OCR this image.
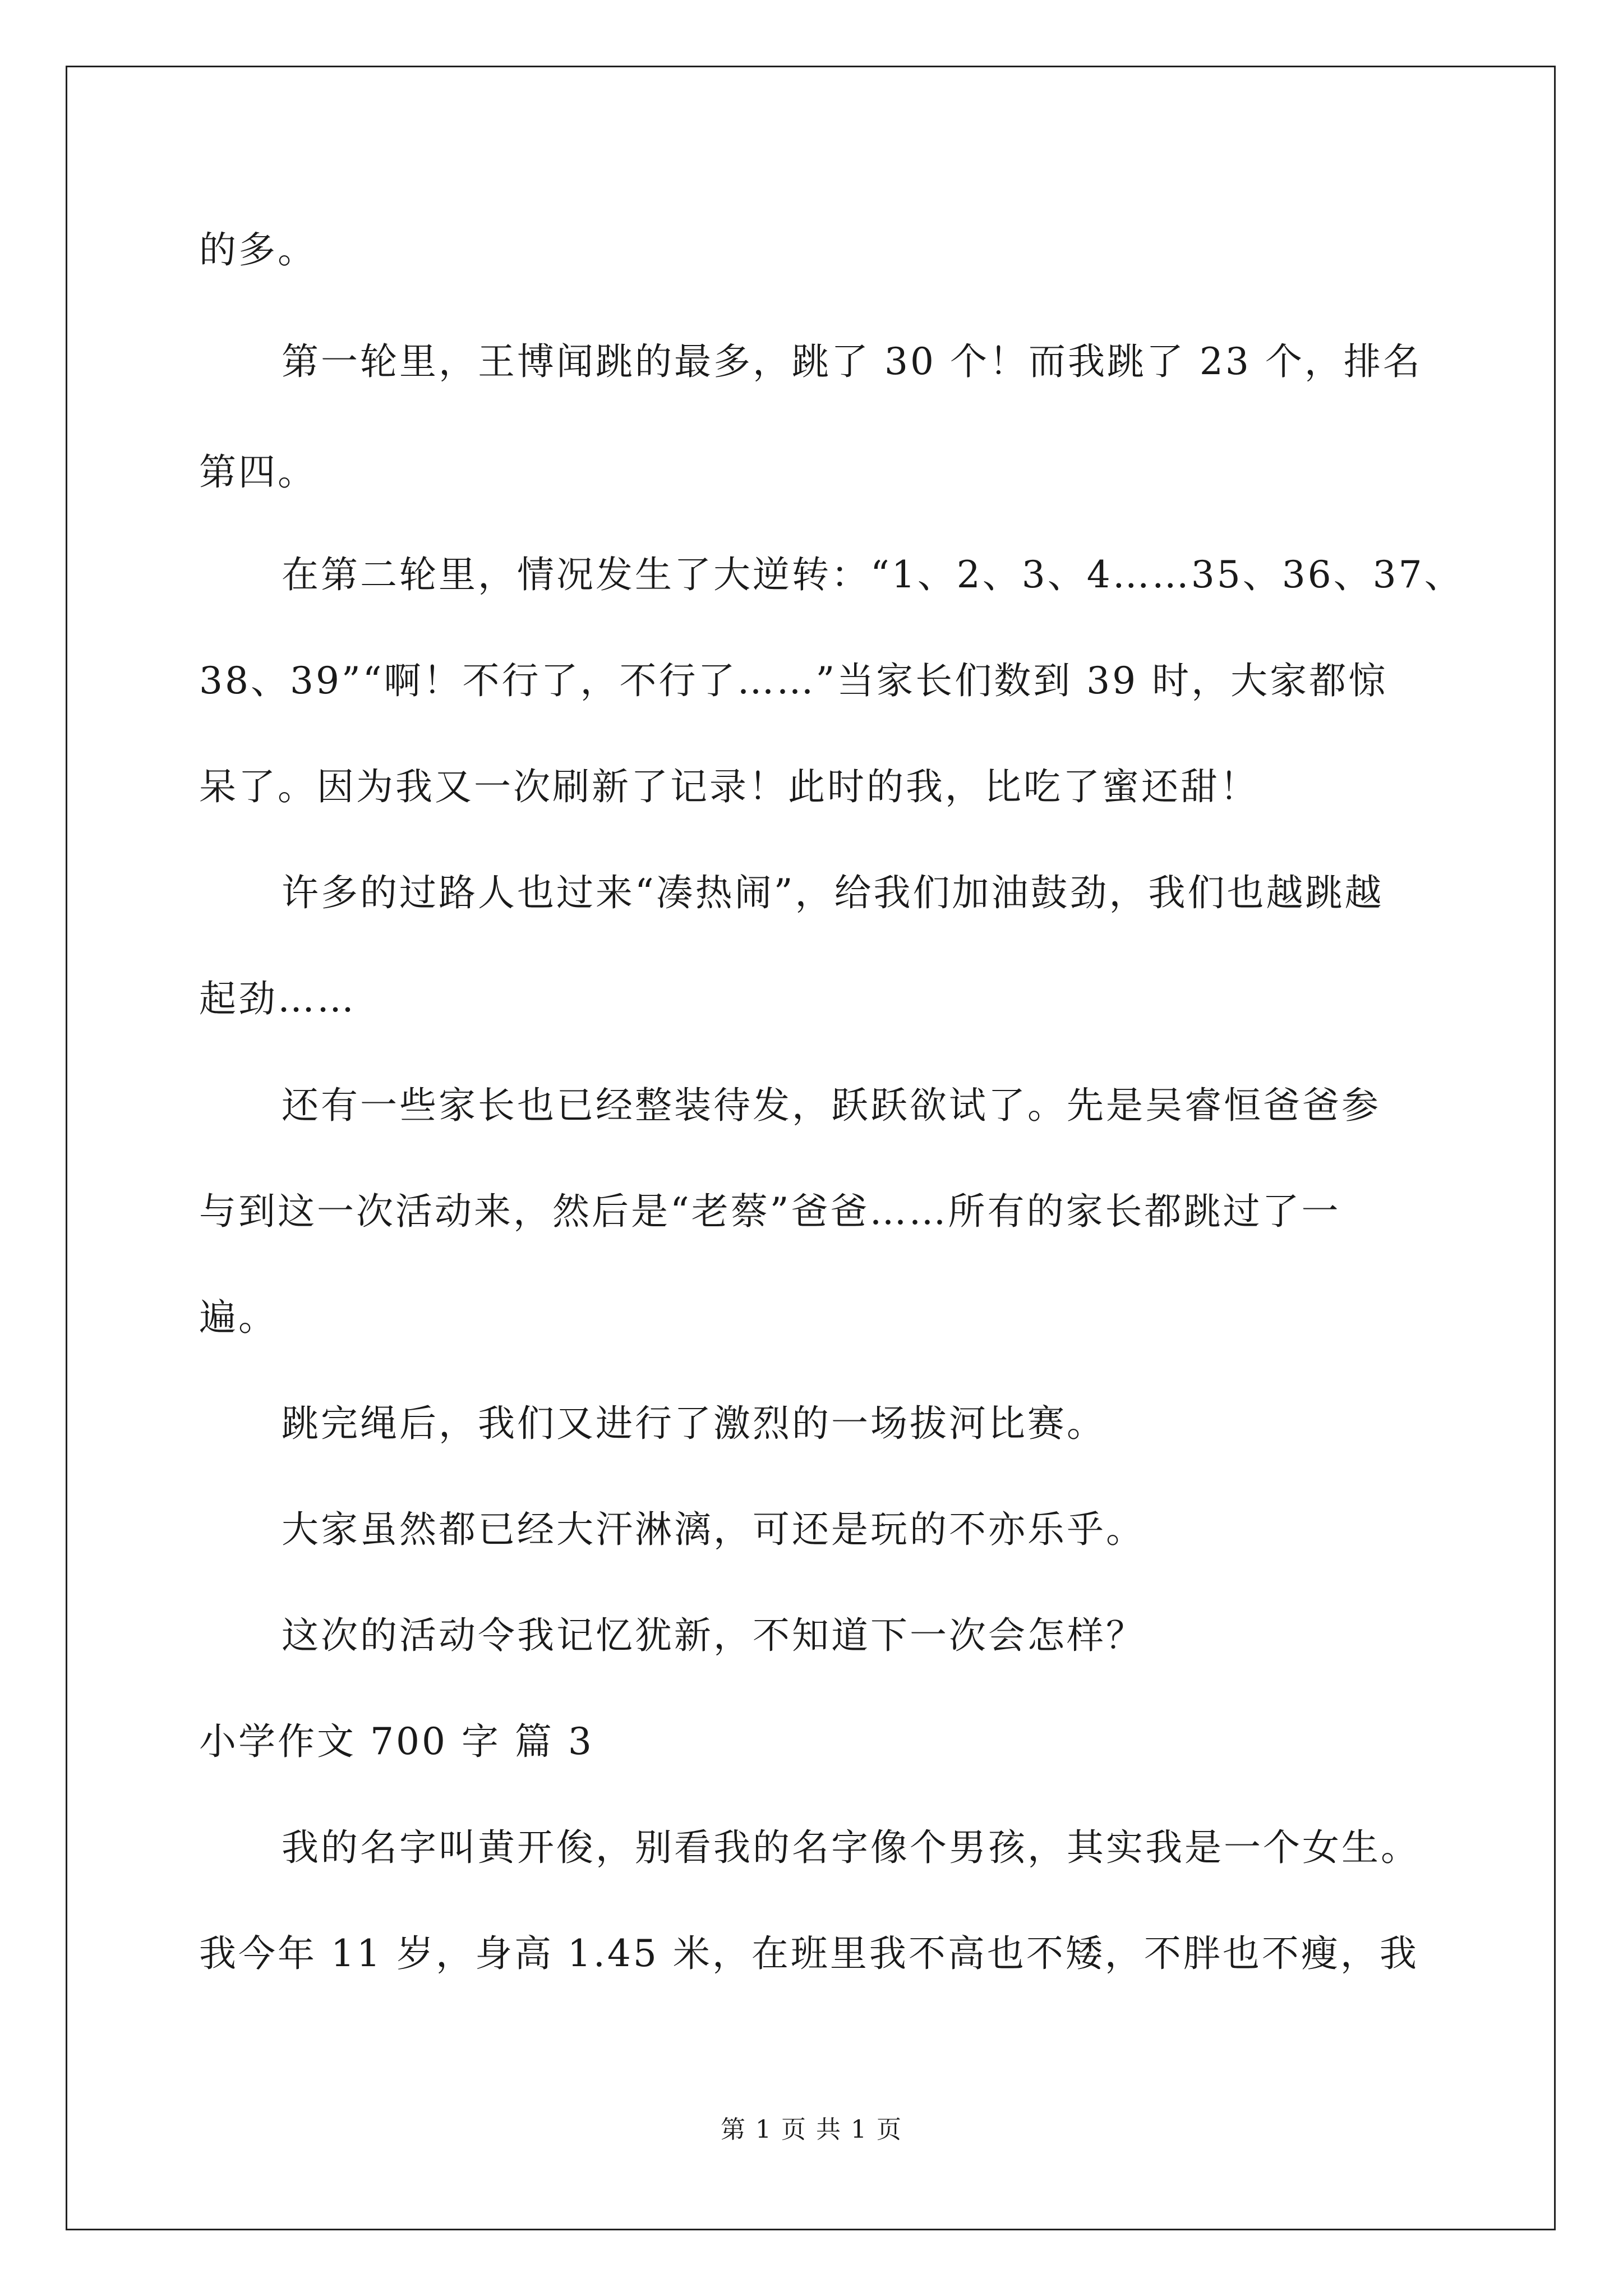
的多。
第一轮里，王博闻跳的最多，跳了 30 个！而我跳了 23 个，排名
第四。
在第二轮里，情况发生了大逆转：“1、2、3、4……35、36、37、
38、39”“啊！不行了，不行了……”当家长们数到 39 时，大家都惊
呆了。因为我又一次刷新了记录！此时的我，比吃了蜜还甜！
许多的过路人也过来“凑热闹”，给我们加油鼓劲，我们也越跳越
起劲……
还有一些家长也已经整装待发，跃跃欲试了。先是吴睿恒爸爸参
与到这一次活动来，然后是“老蔡”爸爸……所有的家长都跳过了一
遍。
跳完绳后，我们又进行了激烈的一场拔河比赛。
大家虽然都已经大汗淋漓，可还是玩的不亦乐乎。
这次的活动令我记忆犹新，不知道下一次会怎样？
小学作文 700 字 篇 3
我的名字叫黄开俊，别看我的名字像个男孩，其实我是一个女生。
我今年 11 岁，身高 1.45 米，在班里我不高也不矮，不胖也不瘦，我
第 1 页 共 1 页
